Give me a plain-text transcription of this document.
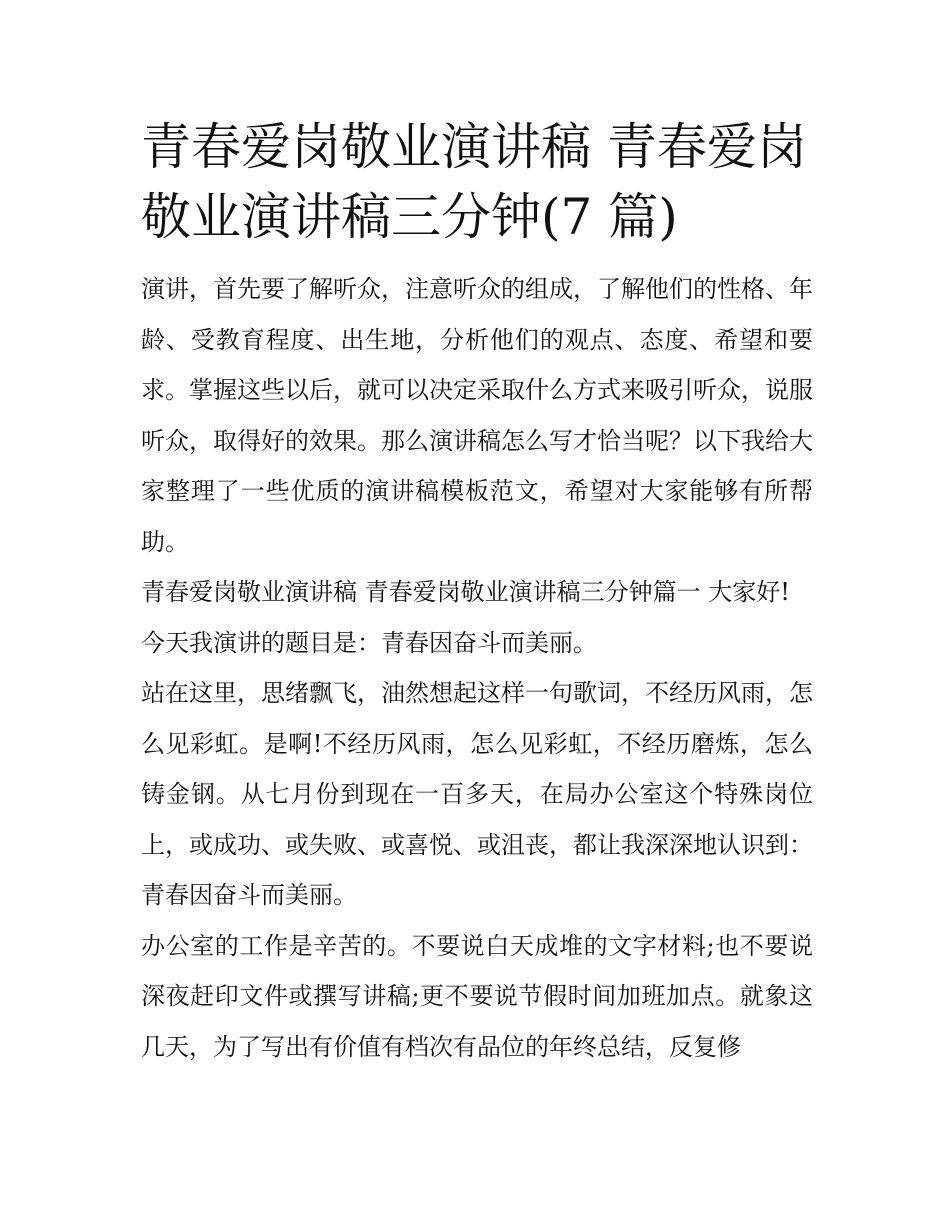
青春爱岗敬业演讲稿 青春爱岗敬业演讲稿三分钟(7 篇)

演讲，首先要了解听众，注意听众的组成，了解他们的性格、年龄、受教育程度、出生地，分析他们的观点、态度、希望和要求。掌握这些以后，就可以决定采取什么方式来吸引听众，说服听众，取得好的效果。那么演讲稿怎么写才恰当呢？以下我给大家整理了一些优质的演讲稿模板范文，希望对大家能够有所帮助。

青春爱岗敬业演讲稿 青春爱岗敬业演讲稿三分钟篇一 大家好!

今天我演讲的题目是：青春因奋斗而美丽。

站在这里，思绪飘飞，油然想起这样一句歌词，不经历风雨，怎么见彩虹。是啊!不经历风雨，怎么见彩虹，不经历磨炼，怎么铸金钢。从七月份到现在一百多天，在局办公室这个特殊岗位上，或成功、或失败、或喜悦、或沮丧，都让我深深地认识到：青春因奋斗而美丽。

办公室的工作是辛苦的。不要说白天成堆的文字材料;也不要说深夜赶印文件或撰写讲稿;更不要说节假时间加班加点。就象这几天，为了写出有价值有档次有品位的年终总结，反复修
